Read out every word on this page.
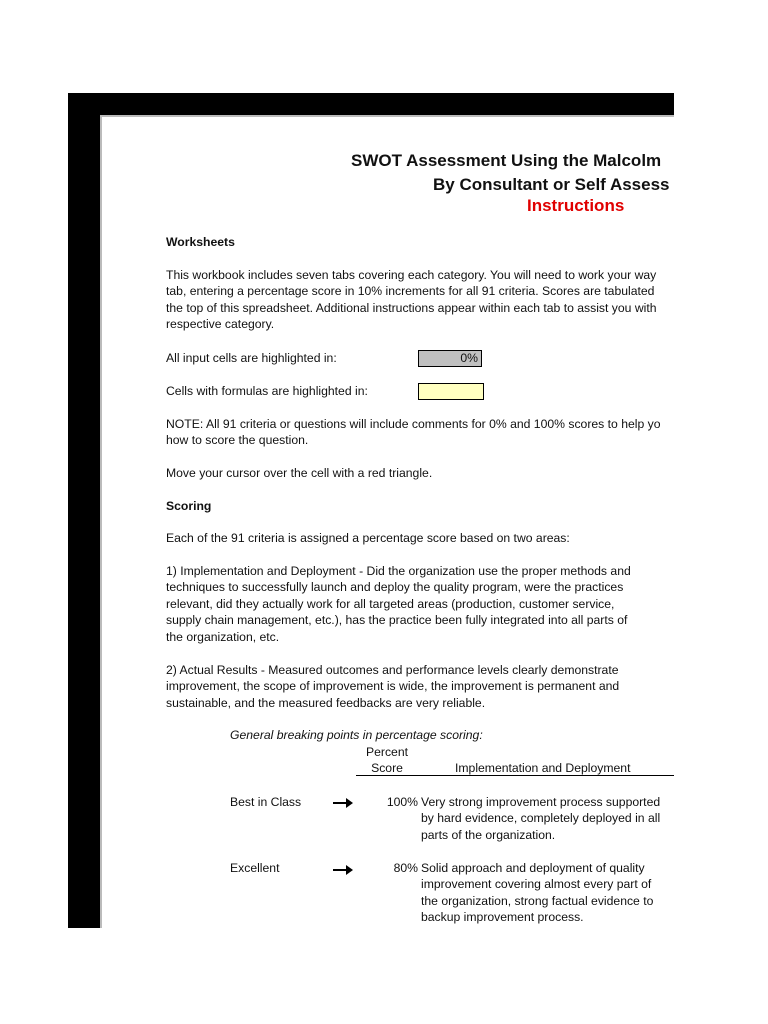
SWOT Assessment Using the Malcolm
By Consultant or Self Assess
Instructions
Worksheets
This workbook includes seven tabs covering each category. You will need to work your way
tab, entering a percentage score in 10% increments for all 91 criteria. Scores are tabulated
the top of this spreadsheet. Additional instructions appear within each tab to assist you with
respective category.
All input cells are highlighted in:	0%
Cells with formulas are highlighted in:
NOTE: All 91 criteria or questions will include comments for 0% and 100% scores to help yo
how to score the question.
Move your cursor over the cell with a red triangle.
Scoring
Each of the 91 criteria is assigned a percentage score based on two areas:
1) Implementation and Deployment - Did the organization use the proper methods and
techniques to successfully launch and deploy the quality program, were the practices
relevant, did they actually work for all targeted areas (production, customer service,
supply chain management, etc.), has the practice been fully integrated into all parts of
the organization, etc.
2) Actual Results - Measured outcomes and performance levels clearly demonstrate
improvement, the scope of improvement is wide, the improvement is permanent and
sustainable, and the measured feedbacks are very reliable.
General breaking points in percentage scoring:
Percent
Score	Implementation and Deployment
Best in Class	100% Very strong improvement process supported
by hard evidence, completely deployed in all
parts of the organization.
Excellent	80% Solid approach and deployment of quality
improvement covering almost every part of
the organization, strong factual evidence to
backup improvement process.
